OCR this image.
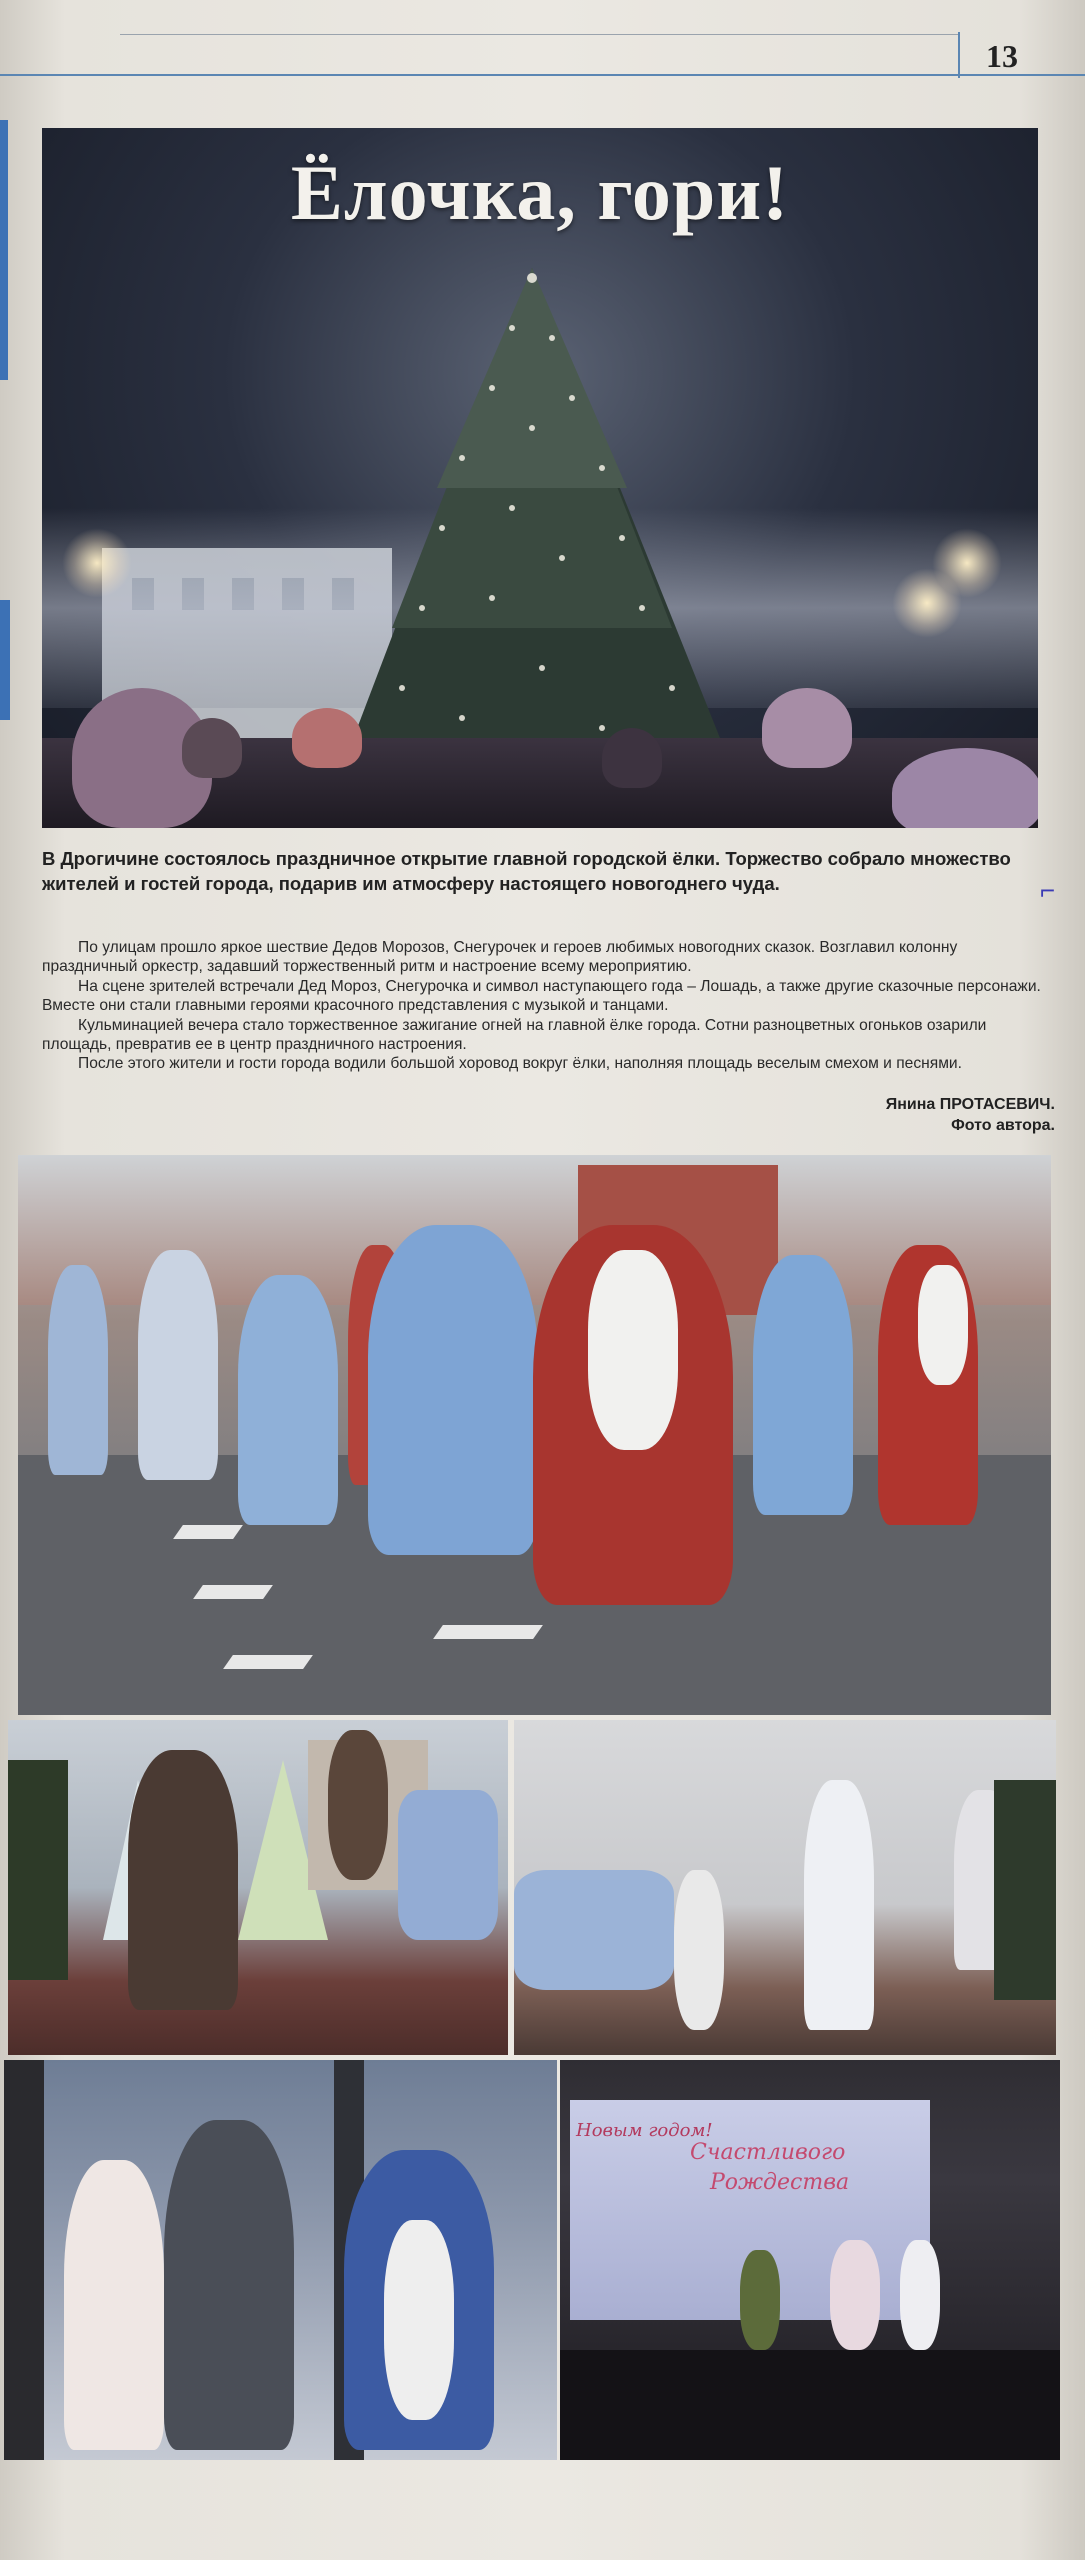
13
Ёлочка, гори!
В Дрогичине состоялось праздничное открытие главной городской ёлки. Торжество собрало множество жителей и гостей города, подарив им атмосферу настоящего новогоднего чуда.	⌐

По улицам прошло яркое шествие Дедов Морозов, Снегурочек и героев любимых новогодних сказок. Возглавил колонну праздничный оркестр, задавший торжественный ритм и настроение всему мероприятию.

На сцене зрителей встречали Дед Мороз, Снегурочка и символ наступающего года – Лошадь, а также другие сказочные персонажи. Вместе они стали главными героями красочного представления с музыкой и танцами.

Кульминацией вечера стало торжественное зажигание огней на главной ёлке города. Сотни разноцветных огоньков озарили площадь, превратив ее в центр праздничного настроения.

После этого жители и гости города водили большой хоровод вокруг ёлки, наполняя площадь веселым смехом и песнями.

Янина ПРОТАСЕВИЧ.
Фото автора.
Счастливого
Рождества
Новым годом!
